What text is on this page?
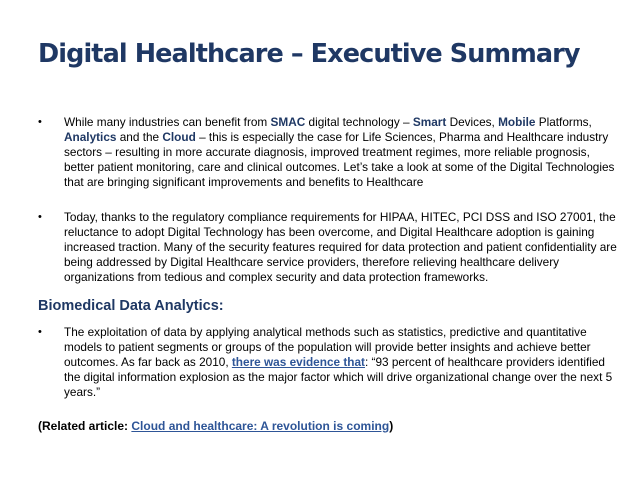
Digital Healthcare – Executive Summary
•	While many industries can benefit from SMAC digital technology – Smart Devices, Mobile Platforms, Analytics and the Cloud – this is especially the case for Life Sciences, Pharma and Healthcare industry sectors – resulting in more accurate diagnosis, improved treatment regimes, more reliable prognosis, better patient monitoring, care and clinical outcomes. Let’s take a look at some of the Digital Technologies that are bringing significant improvements and benefits to Healthcare
•	Today, thanks to the regulatory compliance requirements for HIPAA, HITEC, PCI DSS and ISO 27001, the reluctance to adopt Digital Technology has been overcome, and Digital Healthcare adoption is gaining increased traction. Many of the security features required for data protection and patient confidentiality are being addressed by Digital Healthcare service providers, therefore relieving healthcare delivery organizations from tedious and complex security and data protection frameworks.
Biomedical Data Analytics:
•	The exploitation of data by applying analytical methods such as statistics, predictive and quantitative models to patient segments or groups of the population will provide better insights and achieve better outcomes. As far back as 2010, there was evidence that: “93 percent of healthcare providers identified the digital information explosion as the major factor which will drive organizational change over the next 5 years.”
(Related article: Cloud and healthcare: A revolution is coming)
